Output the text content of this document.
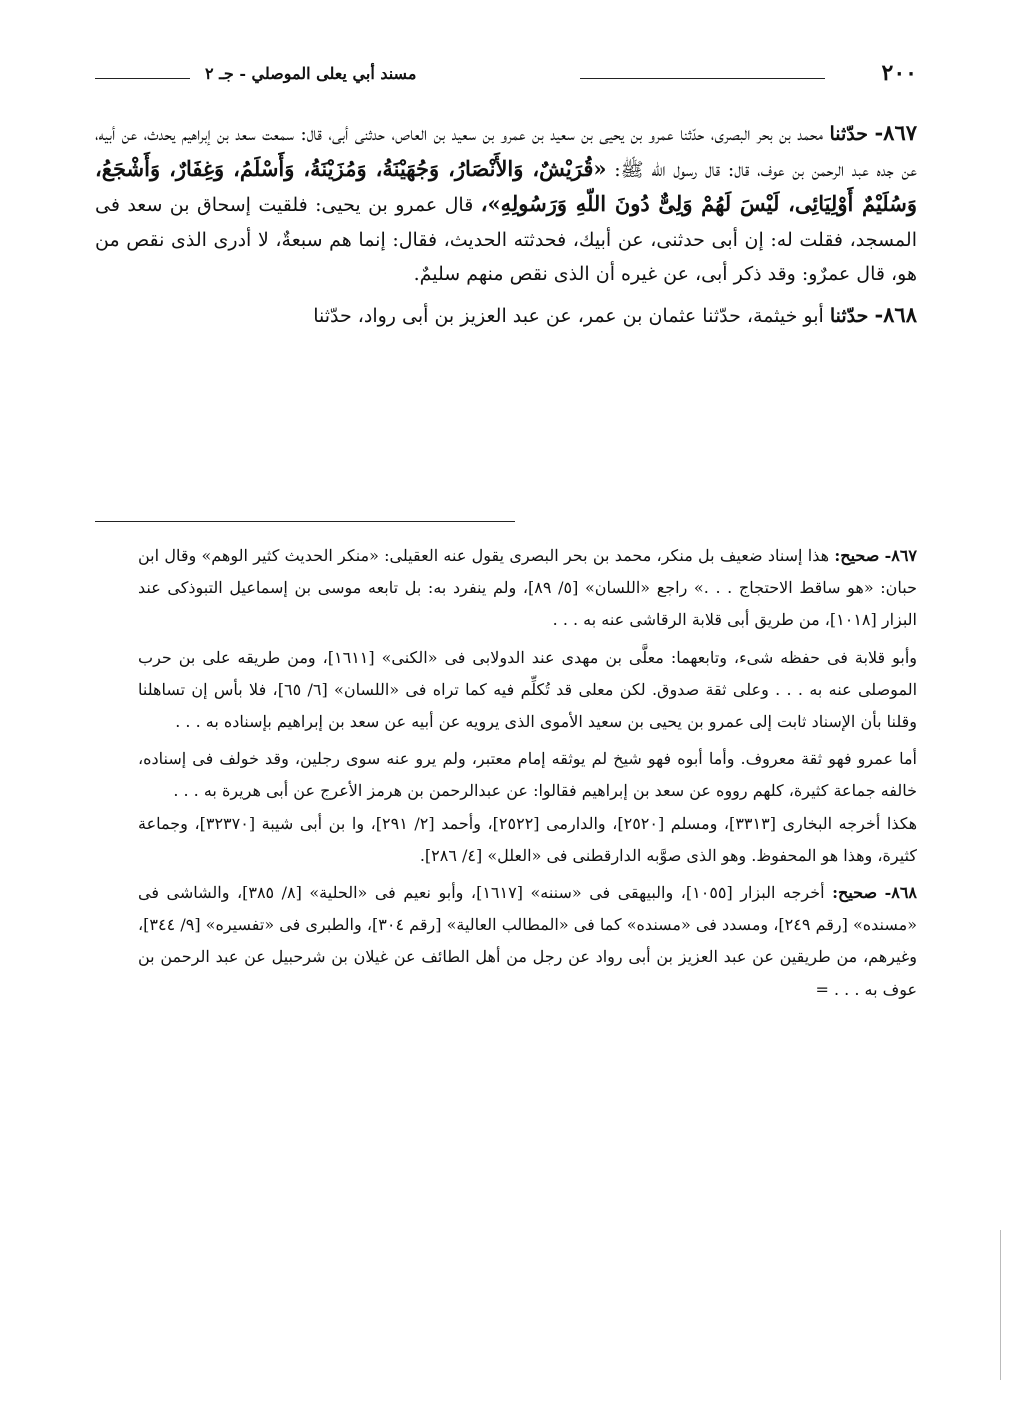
٢٠٠
مسند أبي يعلى الموصلي - جـ ٢

٨٦٧- حدّثنا محمد بن بحر البصرى، حدّثنا عمرو بن يحيى بن سعيد بن عمرو بن سعيد بن العاص، حدثنى أبى، قال: سمعت سعد بن إبراهيم يحدث، عن أبيه، عن جده عبد الرحمن بن عوف، قال: قال رسول اللّه ﷺ: «قُرَيْشٌ، وَالأَنْصَارُ، وَجُهَيْنَةُ، وَمُزَيْنَةُ، وَأَسْلَمُ، وَغِفَارٌ، وَأَشْجَعُ، وَسُلَيْمٌ أَوْلِيَائِى، لَيْسَ لَهُمْ وَلِىٌّ دُونَ اللّهِ وَرَسُولِهِ»، قال عمرو بن يحيى: فلقيت إسحاق بن سعد فى المسجد، فقلت له: إن أبى حدثنى، عن أبيك، فحدثته الحديث، فقال: إنما هم سبعةٌ، لا أدرى الذى نقص من هو، قال عمرٌو: وقد ذكر أبى، عن غيره أن الذى نقص منهم سليمٌ.

٨٦٨- حدّثنا أبو خيثمة، حدّثنا عثمان بن عمر، عن عبد العزيز بن أبى رواد، حدّثنا

٨٦٧- صحيح: هذا إسناد ضعيف بل منكر، محمد بن بحر البصرى يقول عنه العقيلى: «منكر الحديث كثير الوهم» وقال ابن حبان: «هو ساقط الاحتجاج . . .» راجع «اللسان» [٥/ ٨٩]، ولم ينفرد به: بل تابعه موسى بن إسماعيل التبوذكى عند البزار [١٠١٨]، من طريق أبى قلابة الرقاشى عنه به . . .

وأبو قلابة فى حفظه شىء، وتابعهما: معلَّى بن مهدى عند الدولابى فى «الكنى» [١٦١١]، ومن طريقه على بن حرب الموصلى عنه به . . . وعلى ثقة صدوق. لكن معلى قد تُكلِّم فيه كما تراه فى «اللسان» [٦/ ٦٥]، فلا بأس إن تساهلنا وقلنا بأن الإسناد ثابت إلى عمرو بن يحيى بن سعيد الأموى الذى يرويه عن أبيه عن سعد بن إبراهيم بإسناده به . . .

أما عمرو فهو ثقة معروف. وأما أبوه فهو شيخ لم يوثقه إمام معتبر، ولم يرو عنه سوى رجلين، وقد خولف فى إسناده، خالفه جماعة كثيرة، كلهم رووه عن سعد بن إبراهيم فقالوا: عن عبدالرحمن بن هرمز الأعرج عن أبى هريرة به . . .

هكذا أخرجه البخارى [٣٣١٣]، ومسلم [٢٥٢٠]، والدارمى [٢٥٢٢]، وأحمد [٢/ ٢٩١]، وا بن أبى شيبة [٣٢٣٧٠]، وجماعة كثيرة، وهذا هو المحفوظ. وهو الذى صوَّبه الدارقطنى فى «العلل» [٤/ ٢٨٦].

٨٦٨- صحيح: أخرجه البزار [١٠٥٥]، والبيهقى فى «سننه» [١٦١٧]، وأبو نعيم فى «الحلية» [٨/ ٣٨٥]، والشاشى فى «مسنده» [رقم ٢٤٩]، ومسدد فى «مسنده» كما فى «المطالب العالية» [رقم ٣٠٤]، والطبرى فى «تفسيره» [٩/ ٣٤٤]، وغيرهم، من طريقين عن عبد العزيز بن أبى رواد عن رجل من أهل الطائف عن غيلان بن شرحبيل عن عبد الرحمن بن عوف به . . . =
